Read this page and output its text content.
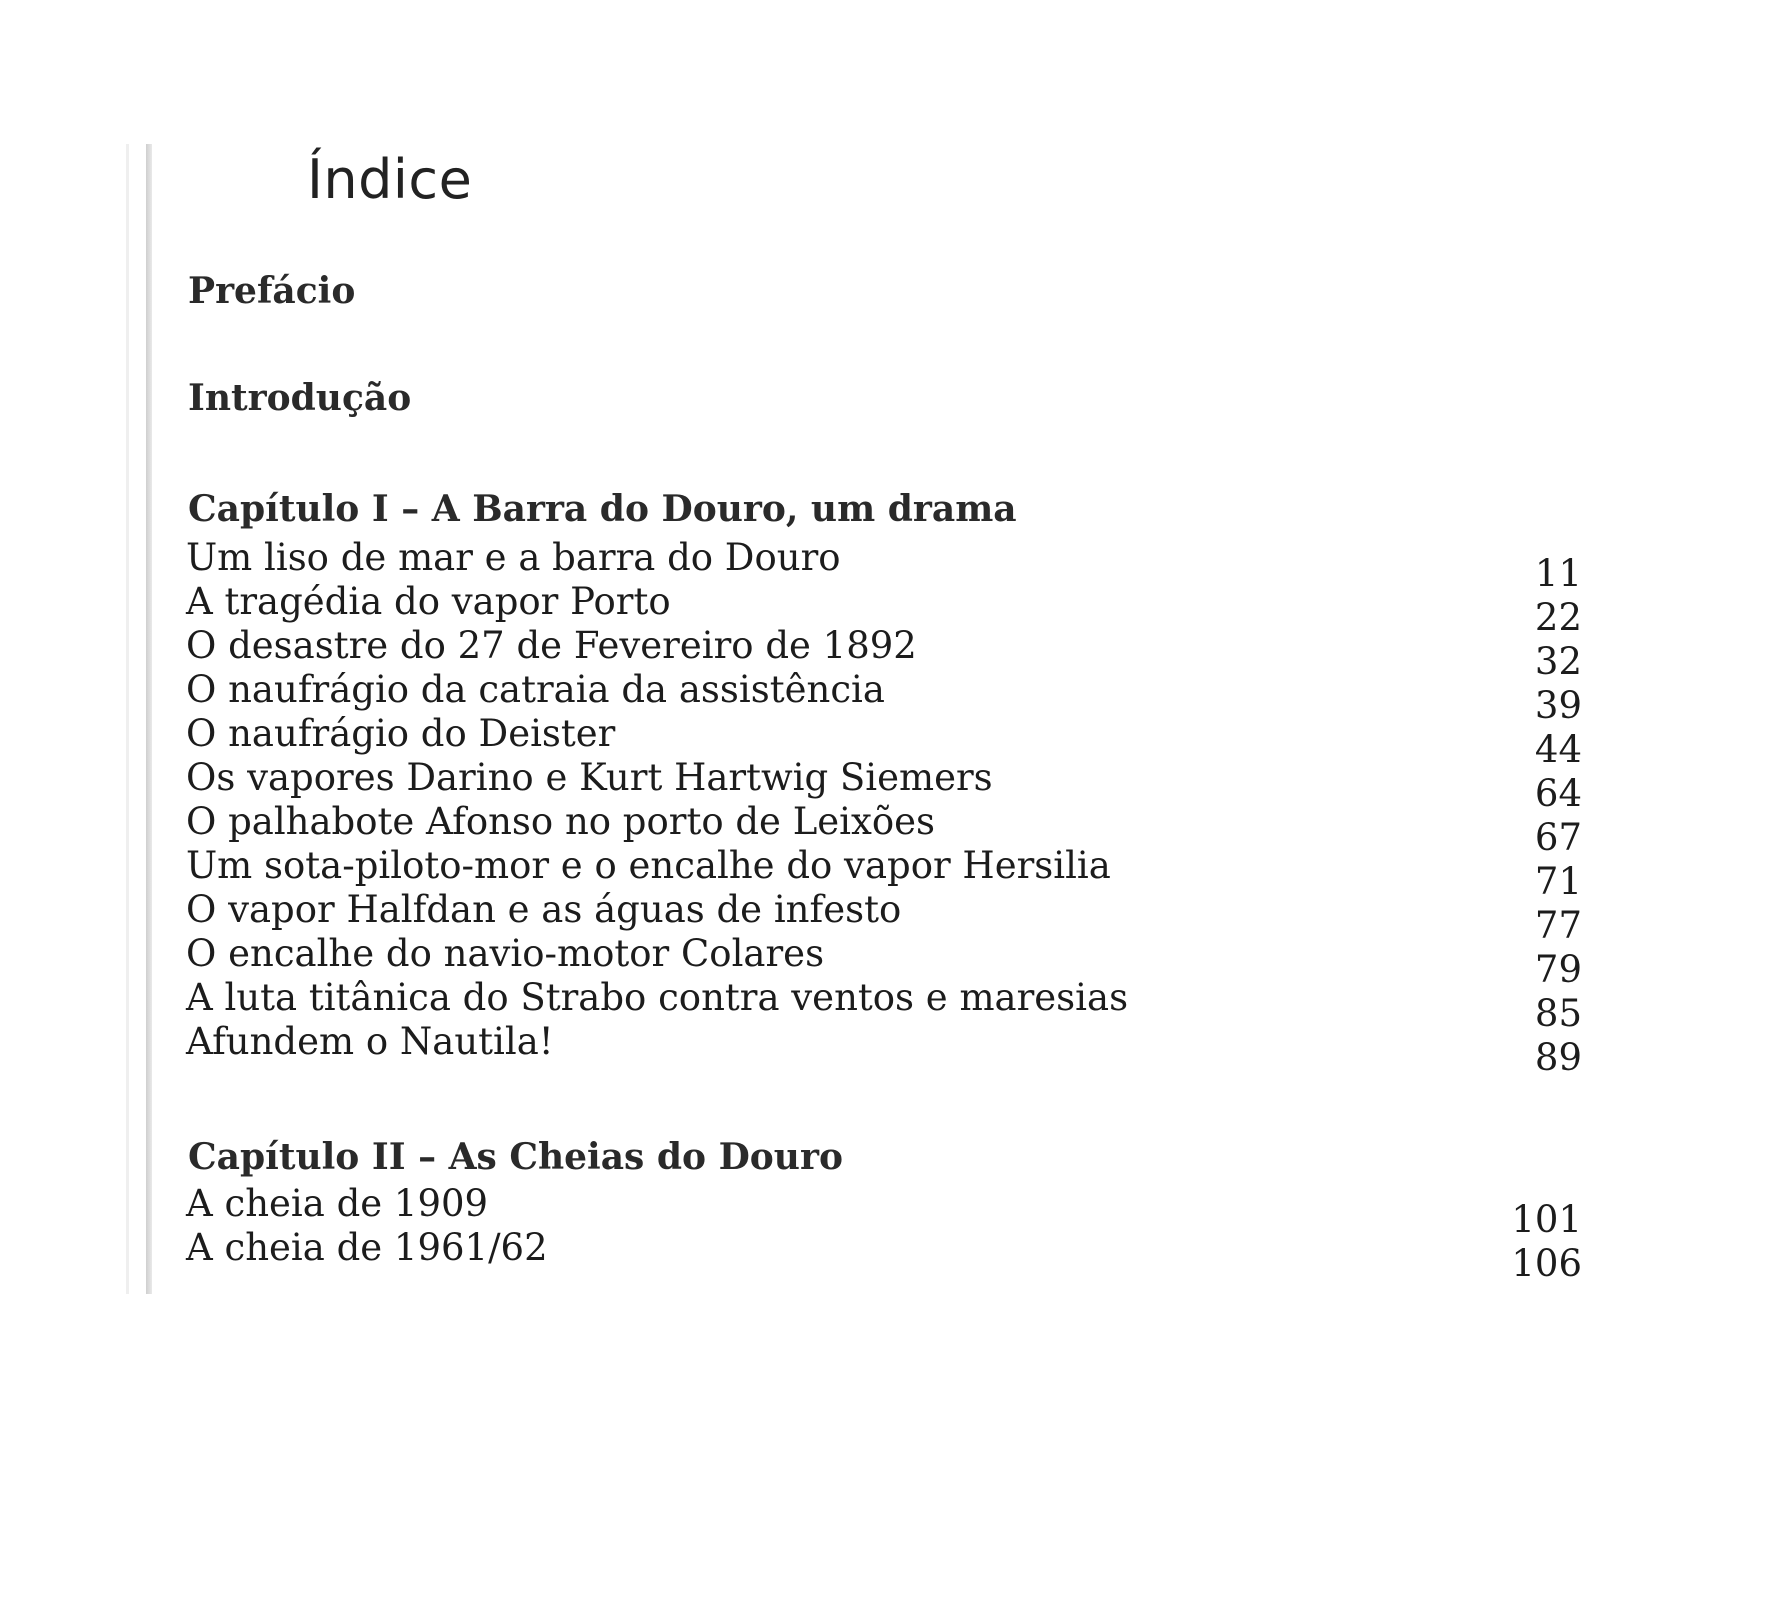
Índice
Prefácio
Introdução
Capítulo I – A Barra do Douro, um drama
Um liso de mar e a barra do Douro	11
A tragédia do vapor Porto	22
O desastre do 27 de Fevereiro de 1892	32
O naufrágio da catraia da assistência	39
O naufrágio do Deister	44
Os vapores Darino e Kurt Hartwig Siemers	64
O palhabote Afonso no porto de Leixões	67
Um sota-piloto-mor e o encalhe do vapor Hersilia	71
O vapor Halfdan e as águas de infesto	77
O encalhe do navio-motor Colares	79
A luta titânica do Strabo contra ventos e maresias	85
Afundem o Nautila!	89
Capítulo II – As Cheias do Douro
A cheia de 1909	101
A cheia de 1961/62	106
